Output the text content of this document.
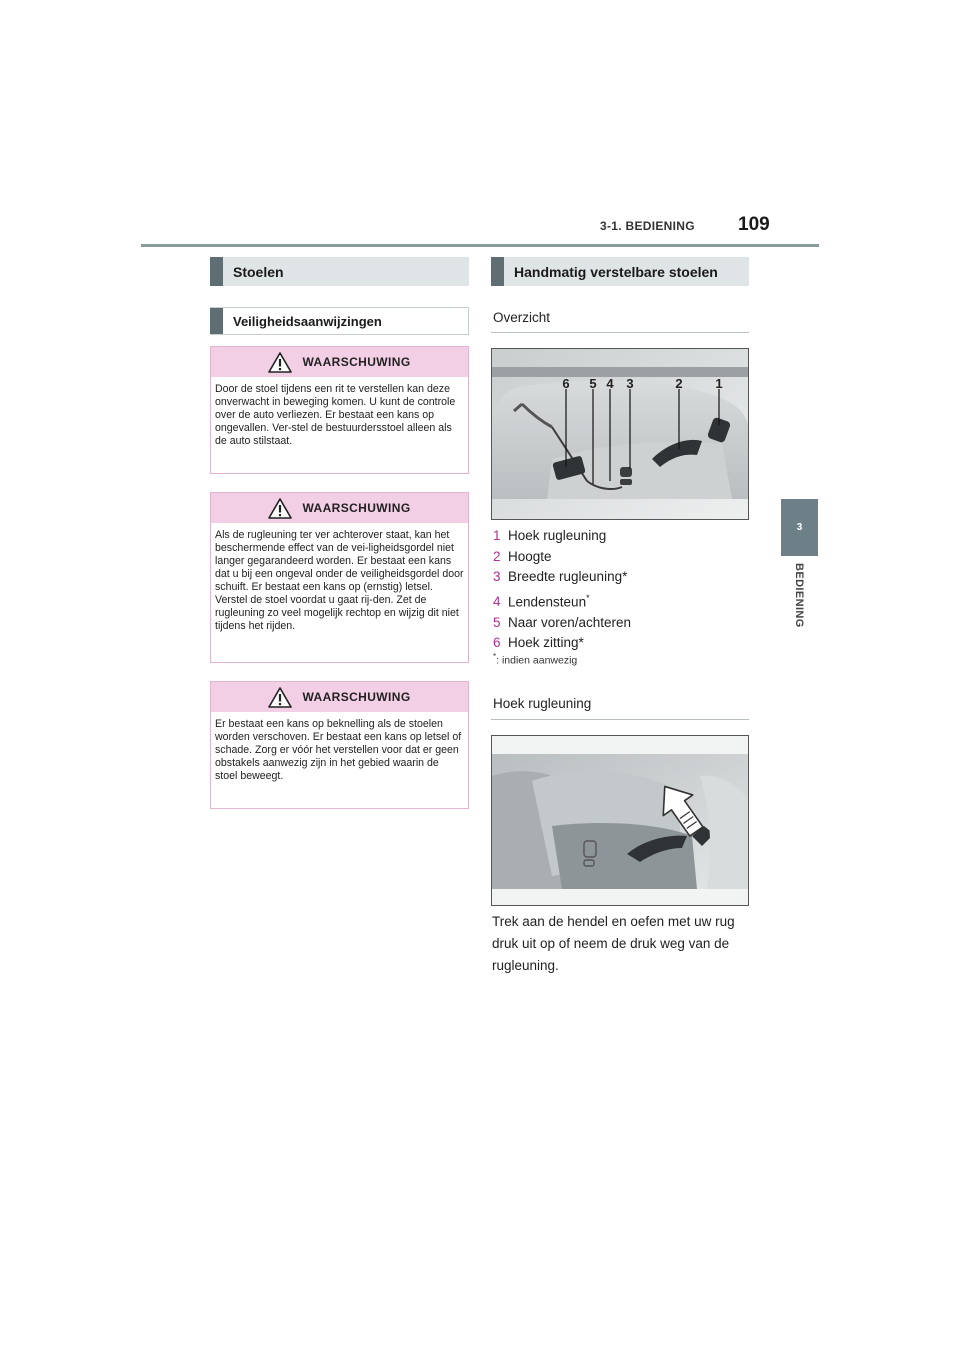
3-1. BEDIENING 109
3
BEDIENING
Stoelen
Veiligheidsaanwijzingen
WAARSCHUWING
Door de stoel tijdens een rit te verstellen kan deze onverwacht in beweging komen. U kunt de controle over de auto verliezen. Er bestaat een kans op ongevallen. Ver-stel de bestuurdersstoel alleen als de auto stilstaat.
WAARSCHUWING
Als de rugleuning ter ver achterover staat, kan het beschermende effect van de vei-ligheidsgordel niet langer gegarandeerd worden. Er bestaat een kans dat u bij een ongeval onder de veiligheidsgordel door schuift. Er bestaat een kans op (ernstig) letsel. Verstel de stoel voordat u gaat rij-den. Zet de rugleuning zo veel mogelijk rechtop en wijzig dit niet tijdens het rijden.
WAARSCHUWING
Er bestaat een kans op beknelling als de stoelen worden verschoven. Er bestaat een kans op letsel of schade. Zorg er vóór het verstellen voor dat er geen obstakels aanwezig zijn in het gebied waarin de stoel beweegt.
Handmatig verstelbare stoelen
Overzicht
6 5 4 3	2	1
1 Hoek rugleuning
2 Hoogte
3 Breedte rugleuning*
4 Lendensteun*
5 Naar voren/achteren
6 Hoek zitting*
*: indien aanwezig
Hoek rugleuning
Trek aan de hendel en oefen met uw rug druk uit op of neem de druk weg van de rugleuning.
